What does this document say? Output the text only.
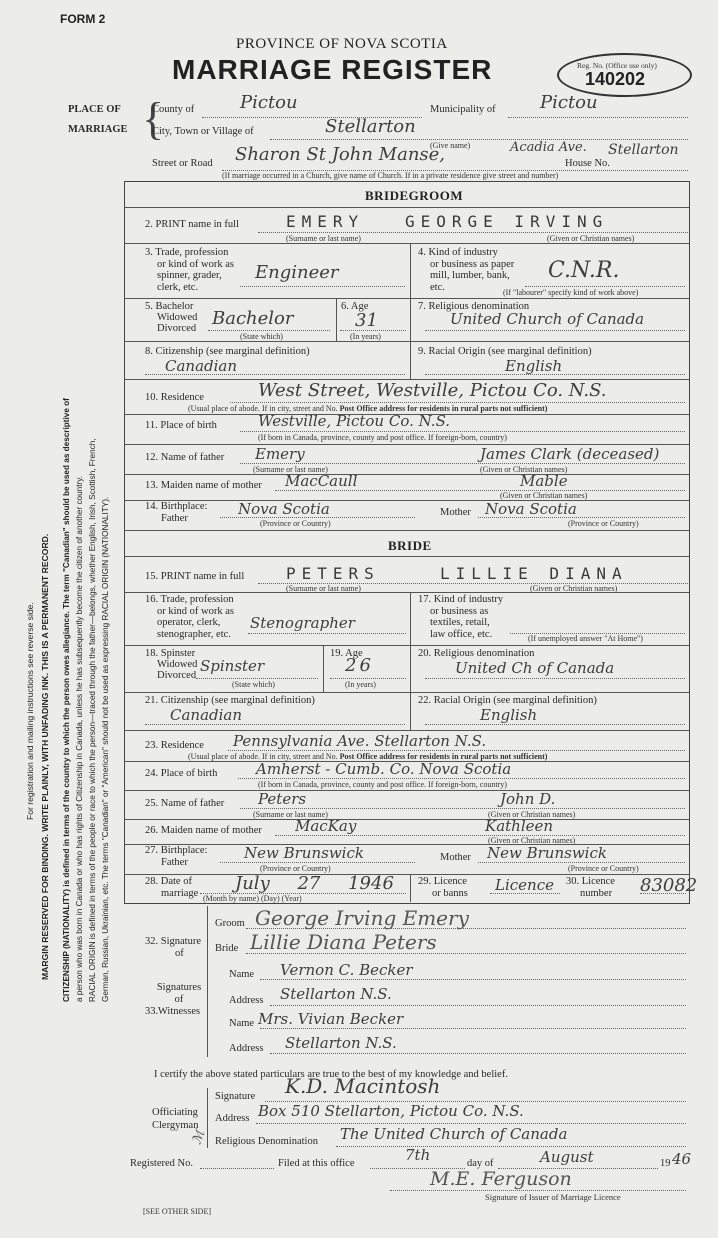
FORM 2
PROVINCE OF NOVA SCOTIA
MARRIAGE REGISTER	Reg. No. (Office use only)
140202
For registration and mailing instructions see reverse side. MARGIN RESERVED FOR BINDING. WRITE PLAINLY, WITH UNFADING INK. THIS IS A PERMANENT RECORD. CITIZENSHIP (NATIONALITY) is defined in terms of the country to which the person owes allegiance. The term "Canadian" should be used as descriptive of a person who was born in Canada or who has rights of Citizenship in Canada, unless he has subsequently become the citizen of another country. RACIAL ORIGIN is defined in terms of the people or race to which the person—traced through the father—belongs, whether English, Irish, Scottish, French, German, Russian, Ukrainian, etc. The terms "Canadian" or "American" should not be used as expressing RACIAL ORIGIN (NATIONALITY).
PLACE OF
MARRIAGE {
County of	Pictou	Municipality of Pictou
City, Town or Village of	Stellarton
(Give name)
Street or Road Sharon St John Manse,	Acadia Ave.
House No.
Stellarton
(If marriage occurred in a Church, give name of Church. If in a private residence give street and number)
BRIDEGROOM
2. PRINT name in full	EMERY	GEORGE IRVING
(Surname or last name)	(Given or Christian names)
3. Trade, profession
or kind of work as
spinner, grader,
clerk, etc.
Engineer
4. Kind of industry
or business as paper
mill, lumber, bank,
etc.
C.N.R.
(If "labourer" specify kind of work above)
5. Bachelor
Widowed
Divorced Bachelor
(State which)
6. Age
31
(In years)
7. Religious denomination
United Church of Canada
8. Citizenship (see marginal definition)
Canadian
9. Racial Origin (see marginal definition)
English
10. Residence	West Street, Westville, Pictou Co. N.S.
(Usual place of abode. If in city, street and No. Post Office address for residents in rural parts not sufficient)
11. Place of birth	Westville, Pictou Co. N.S.
(If born in Canada, province, county and post office. If foreign-born, country)
12. Name of father Emery	James Clark (deceased)
(Surname or last name)	(Given or Christian names)
13. Maiden name of mother MacCaull	Mable
(Given or Christian names)
14. Birthplace:
Father
Nova Scotia	Mother Nova Scotia
(Province or Country)	(Province or Country)
BRIDE
15. PRINT name in full	PETERS	LILLIE DIANA
(Surname or last name)	(Given or Christian names)
16. Trade, profession
or kind of work as
operator, clerk,
stenographer, etc.
Stenographer
17. Kind of industry
or business as
textiles, retail,
law office, etc.	(If unemployed answer "At Home")
18. Spinster
Widowed
Divorced
Spinster
(State which)
19. Age
26
(In years)
20. Religious denomination
United Ch of Canada
21. Citizenship (see marginal definition)
Canadian
22. Racial Origin (see marginal definition)
English
23. Residence Pennsylvania Ave. Stellarton N.S.
(Usual place of abode. If in city, street and No. Post Office address for residents in rural parts not sufficient)
24. Place of birth	Amherst - Cumb. Co. Nova Scotia
(If born in Canada, province, county and post office. If foreign-born, country)
25. Name of father Peters	John D.
(Surname or last name)	(Given or Christian names)
26. Maiden name of mother MacKay	Kathleen
(Given or Christian names)
27. Birthplace:
Father
New Brunswick	Mother New Brunswick
(Province or Country)	(Province or Country)
28. Date of
marriage July 27 1946
(Month by name) (Day) (Year)
29. Licence
or banns Licence 30. Licence
number 83082
32. Signature
of
Groom George Irving Emery
Bride Lillie Diana Peters
33.
Signatures
of
Witnesses
Name Vernon C. Becker
Address Stellarton N.S.
Name Mrs. Vivian Becker
Address Stellarton N.S.
I certify the above stated particulars are true to the best of my knowledge and belief.
Officiating
Clergyman
Signature K.D. Macintosh
Address Box 510 Stellarton, Pictou Co. N.S.
Religious Denomination The United Church of Canada
ℳ
Registered No.	Filed at this office	7th	day of	August	19 46
M.E. Ferguson
Signature of Issuer of Marriage Licence
[SEE OTHER SIDE]
